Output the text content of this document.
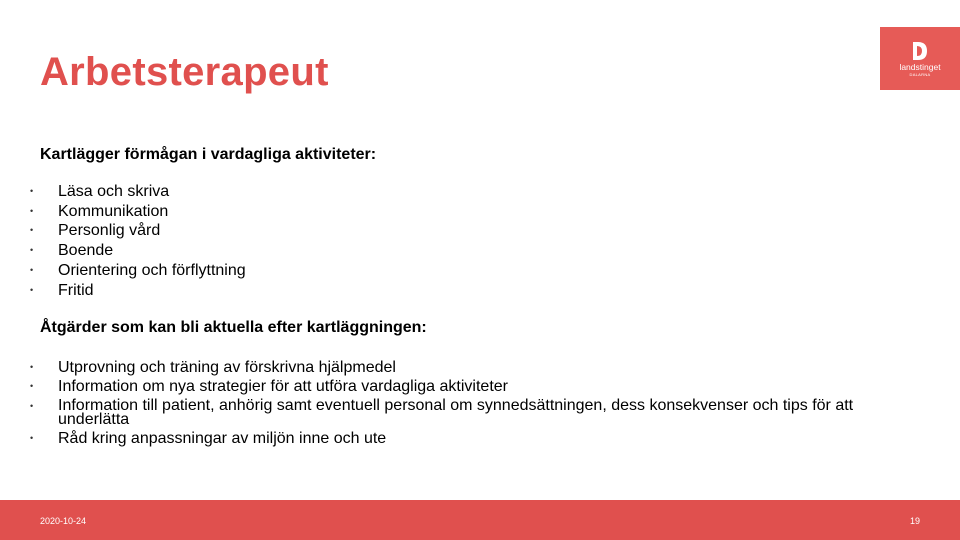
Arbetsterapeut	landstinget
DALARNA
Kartlägger förmågan i vardagliga aktiviteter:
•	Läsa och skriva
•	Kommunikation
•	Personlig vård
•	Boende
•	Orientering och förflyttning
•	Fritid
Åtgärder som kan bli aktuella efter kartläggningen:
•	Utprovning och träning av förskrivna hjälpmedel
•	Information om nya strategier för att utföra vardagliga aktiviteter
•	Information till patient, anhörig samt eventuell personal om synnedsättningen, dess konsekvenser och tips för att underlätta
•	Råd kring anpassningar av miljön inne och ute
2020-10-24	19
